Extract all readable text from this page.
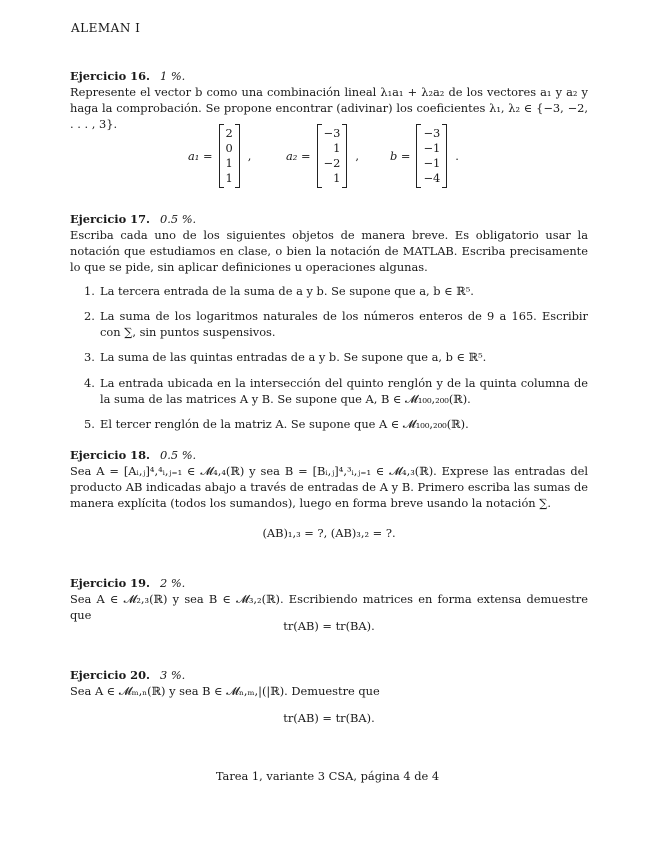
ALEMAN I
Ejercicio 16. 1 %.
Represente el vector b como una combinación lineal λ₁a₁ + λ₂a₂ de los vectores a₁ y a₂ y haga la comprobación. Se propone encontrar (adivinar) los coeficientes λ₁, λ₂ ∈ {−3, −2, . . . , 3}.
a₁ =
2
0
1
1
,	a₂ =
−3
1
−2
1
,	b =
−3
−1
−1
−4
.
Ejercicio 17. 0.5 %.
Escriba cada uno de los siguientes objetos de manera breve. Es obligatorio usar la notación que estudiamos en clase, o bien la notación de MATLAB. Escriba precisamente lo que se pide, sin aplicar definiciones u operaciones algunas.
1. La tercera entrada de la suma de a y b. Se supone que a, b ∈ ℝ⁵.
2. La suma de los logaritmos naturales de los números enteros de 9 a 165. Escribir con ∑, sin puntos suspensivos.
3. La suma de las quintas entradas de a y b. Se supone que a, b ∈ ℝ⁵.
4. La entrada ubicada en la intersección del quinto renglón y de la quinta columna de la suma de las matrices A y B. Se supone que A, B ∈ 𝓜₁₀₀,₂₀₀(ℝ).
5. El tercer renglón de la matriz A. Se supone que A ∈ 𝓜₁₀₀,₂₀₀(ℝ).
Ejercicio 18. 0.5 %.
Sea A = [Aᵢ,ⱼ]⁴,⁴ᵢ,ⱼ₌₁ ∈ 𝓜₄,₄(ℝ) y sea B = [Bᵢ,ⱼ]⁴,³ᵢ,ⱼ₌₁ ∈ 𝓜₄,₃(ℝ). Exprese las entradas del producto AB indicadas abajo a través de entradas de A y B. Primero escriba las sumas de manera explícita (todos los sumandos), luego en forma breve usando la notación ∑.
(AB)₁,₃ = ?, (AB)₃,₂ = ?.
Ejercicio 19. 2 %.
Sea A ∈ 𝓜₂,₃(ℝ) y sea B ∈ 𝓜₃,₂(ℝ). Escribiendo matrices en forma extensa demuestre que
tr(AB) = tr(BA).
Ejercicio 20. 3 %.
Sea A ∈ 𝓜ₘ,ₙ(ℝ) y sea B ∈ 𝓜ₙ,ₘ,|(|ℝ). Demuestre que
tr(AB) = tr(BA).
Tarea 1, variante 3 CSA, página 4 de 4
